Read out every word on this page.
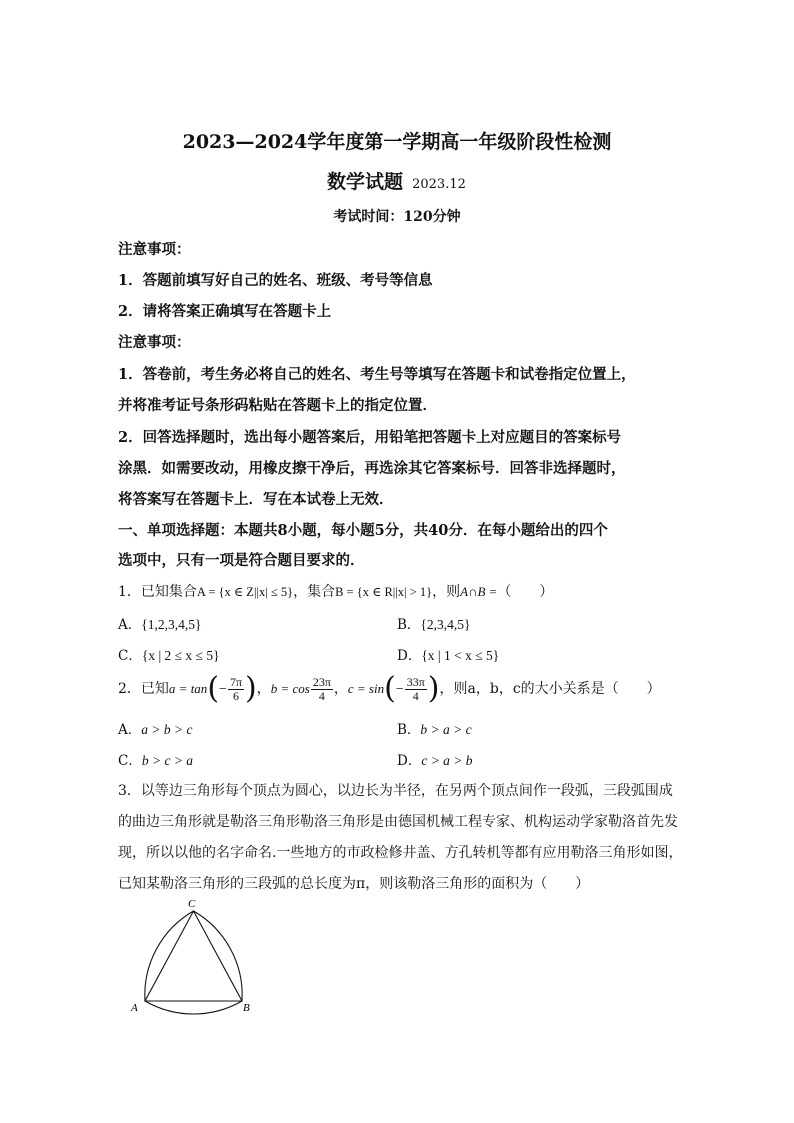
2023—2024学年度第一学期高一年级阶段性检测
数学试题 2023.12
考试时间：120分钟
注意事项：
1．答题前填写好自己的姓名、班级、考号等信息
2．请将答案正确填写在答题卡上
注意事项：
1．答卷前，考生务必将自己的姓名、考生号等填写在答题卡和试卷指定位置上，
并将准考证号条形码粘贴在答题卡上的指定位置．
2．回答选择题时，选出每小题答案后，用铅笔把答题卡上对应题目的答案标号
涂黑．如需要改动，用橡皮擦干净后，再选涂其它答案标号．回答非选择题时，
将答案写在答题卡上．写在本试卷上无效．
一、单项选择题：本题共8小题，每小题5分，共40分．在每小题给出的四个
选项中，只有一项是符合题目要求的．
1．已知集合A = {x ∈ Z||x| ≤ 5}，集合B = {x ∈ R||x| > 1}，则A∩B =（　　）
A．{1,2,3,4,5}	B．{2,3,4,5}
C．{x | 2 ≤ x ≤ 5}	D．{x | 1 < x ≤ 5}
2．已知$a = \tan(- \frac{7\pi}{6}$ )，$b = \cos \frac{23\pi}{4}$ ，$c = \sin(- \frac{33\pi}{4}$ )，则a，b，c的大小关系是（　　）
A．a > b > c	B．b > a > c
C．b > c > a	D．c > a > b
3．以等边三角形每个顶点为圆心，以边长为半径，在另两个顶点间作一段弧，三段弧围成
的曲边三角形就是勒洛三角形勒洛三角形是由德国机械工程专家、机构运动学家勒洛首先发
现，所以以他的名字命名.一些地方的市政检修井盖、方孔转机等都有应用勒洛三角形如图，
已知某勒洛三角形的三段弧的总长度为π，则该勒洛三角形的面积为（　　）
C
A	B
